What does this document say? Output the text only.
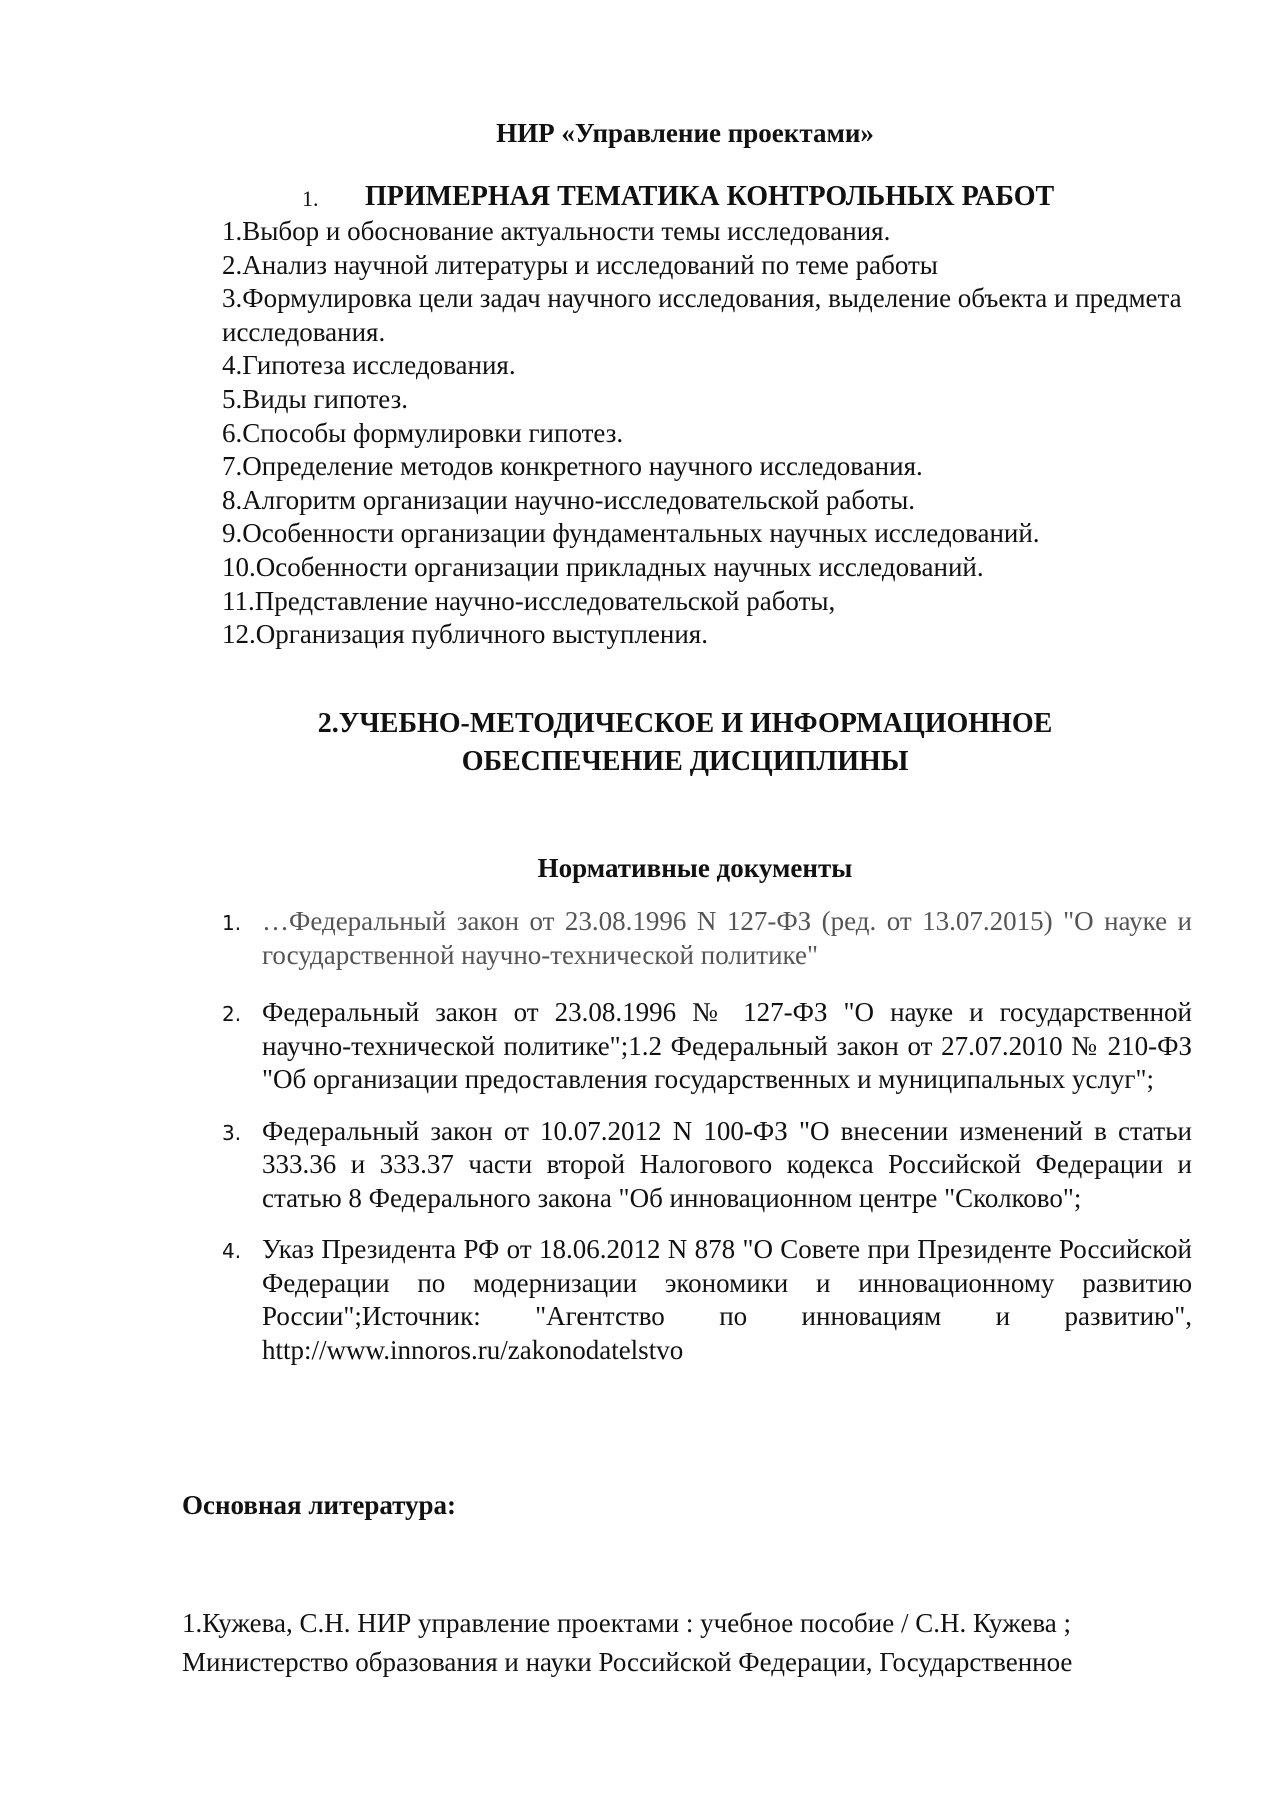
НИР «Управление проектами»
1. ПРИМЕРНАЯ ТЕМАТИКА КОНТРОЛЬНЫХ РАБОТ
1.Выбор и обоснование актуальности темы исследования.
2.Анализ научной литературы и исследований по теме работы
3.Формулировка цели задач научного исследования, выделение объекта и предмета исследования.
4.Гипотеза исследования.
5.Виды гипотез.
6.Способы формулировки гипотез.
7.Определение методов конкретного научного исследования.
8.Алгоритм организации научно-исследовательской работы.
9.Особенности организации фундаментальных научных исследований.
10.Особенности организации прикладных научных исследований.
11.Представление научно-исследовательской работы,
12.Организация публичного выступления.
2.УЧЕБНО-МЕТОДИЧЕСКОЕ И ИНФОРМАЦИОННОЕ
ОБЕСПЕЧЕНИЕ ДИСЦИПЛИНЫ
Нормативные документы
1. …Федеральный закон от 23.08.1996 N 127-ФЗ (ред. от 13.07.2015) "О науке и государственной научно-технической политике"
2. Федеральный закон от 23.08.1996 № 127-ФЗ "О науке и государственной научно-технической политике";1.2 Федеральный закон от 27.07.2010 № 210-ФЗ "Об организации предоставления государственных и муниципальных услуг";
3. Федеральный закон от 10.07.2012 N 100-ФЗ "О внесении изменений в статьи 333.36 и 333.37 части второй Налогового кодекса Российской Федерации и статью 8 Федерального закона "Об инновационном центре "Сколково";
4. Указ Президента РФ от 18.06.2012 N 878 "О Совете при Президенте Российской Федерации по модернизации экономики и инновационному развитию России";Источник: "Агентство по инновациям и развитию", http://www.innoros.ru/zakonodatelstvo
Основная литература:

1.Кужева, С.Н. НИР управление проектами : учебное пособие / С.Н. Кужева ;
Министерство образования и науки Российской Федерации, Государственное
